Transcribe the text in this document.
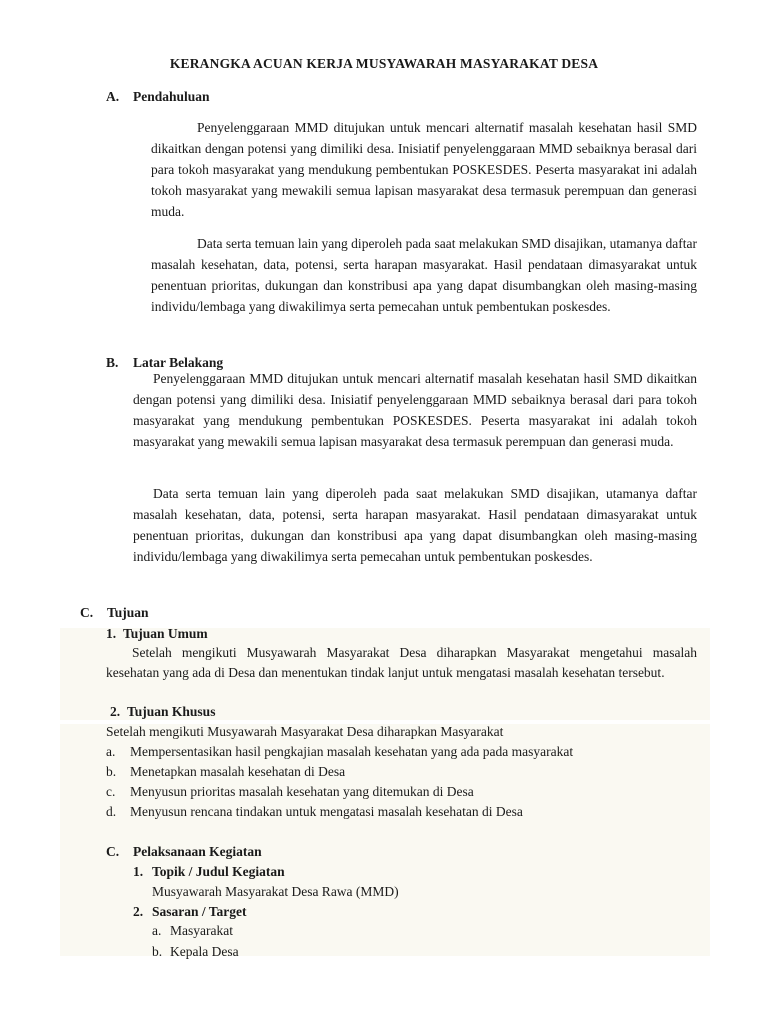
KERANGKA ACUAN KERJA MUSYAWARAH MASYARAKAT DESA
A. Pendahuluan

Penyelenggaraan MMD ditujukan untuk mencari alternatif masalah kesehatan hasil SMD dikaitkan dengan potensi yang dimiliki desa. Inisiatif penyelenggaraan MMD sebaiknya berasal dari para tokoh masyarakat yang mendukung pembentukan POSKESDES. Peserta masyarakat ini adalah tokoh masyarakat yang mewakili semua lapisan masyarakat desa termasuk perempuan dan generasi muda.

Data serta temuan lain yang diperoleh pada saat melakukan SMD disajikan, utamanya daftar masalah kesehatan, data, potensi, serta harapan masyarakat. Hasil pendataan dimasyarakat untuk penentuan prioritas, dukungan dan konstribusi apa yang dapat disumbangkan oleh masing-masing individu/lembaga yang diwakilimya serta pemecahan untuk pembentukan poskesdes.

B. Latar Belakang

Penyelenggaraan MMD ditujukan untuk mencari alternatif masalah kesehatan hasil SMD dikaitkan dengan potensi yang dimiliki desa. Inisiatif penyelenggaraan MMD sebaiknya berasal dari para tokoh masyarakat yang mendukung pembentukan POSKESDES. Peserta masyarakat ini adalah tokoh masyarakat yang mewakili semua lapisan masyarakat desa termasuk perempuan dan generasi muda.

Data serta temuan lain yang diperoleh pada saat melakukan SMD disajikan, utamanya daftar masalah kesehatan, data, potensi, serta harapan masyarakat. Hasil pendataan dimasyarakat untuk penentuan prioritas, dukungan dan konstribusi apa yang dapat disumbangkan oleh masing-masing individu/lembaga yang diwakilimya serta pemecahan untuk pembentukan poskesdes.

C. Tujuan
1. Tujuan Umum

Setelah mengikuti Musyawarah Masyarakat Desa diharapkan Masyarakat mengetahui masalah kesehatan yang ada di Desa dan menentukan tindak lanjut untuk mengatasi masalah kesehatan tersebut.

2. Tujuan Khusus
Setelah mengikuti Musyawarah Masyarakat Desa diharapkan Masyarakat
a. Mempersentasikan hasil pengkajian masalah kesehatan yang ada pada masyarakat
b. Menetapkan masalah kesehatan di Desa
c. Menyusun prioritas masalah kesehatan yang ditemukan di Desa
d. Menyusun rencana tindakan untuk mengatasi masalah kesehatan di Desa
C. Pelaksanaan Kegiatan
1. Topik / Judul Kegiatan
Musyawarah Masyarakat Desa Rawa (MMD)
2. Sasaran / Target
a. Masyarakat
b. Kepala Desa
